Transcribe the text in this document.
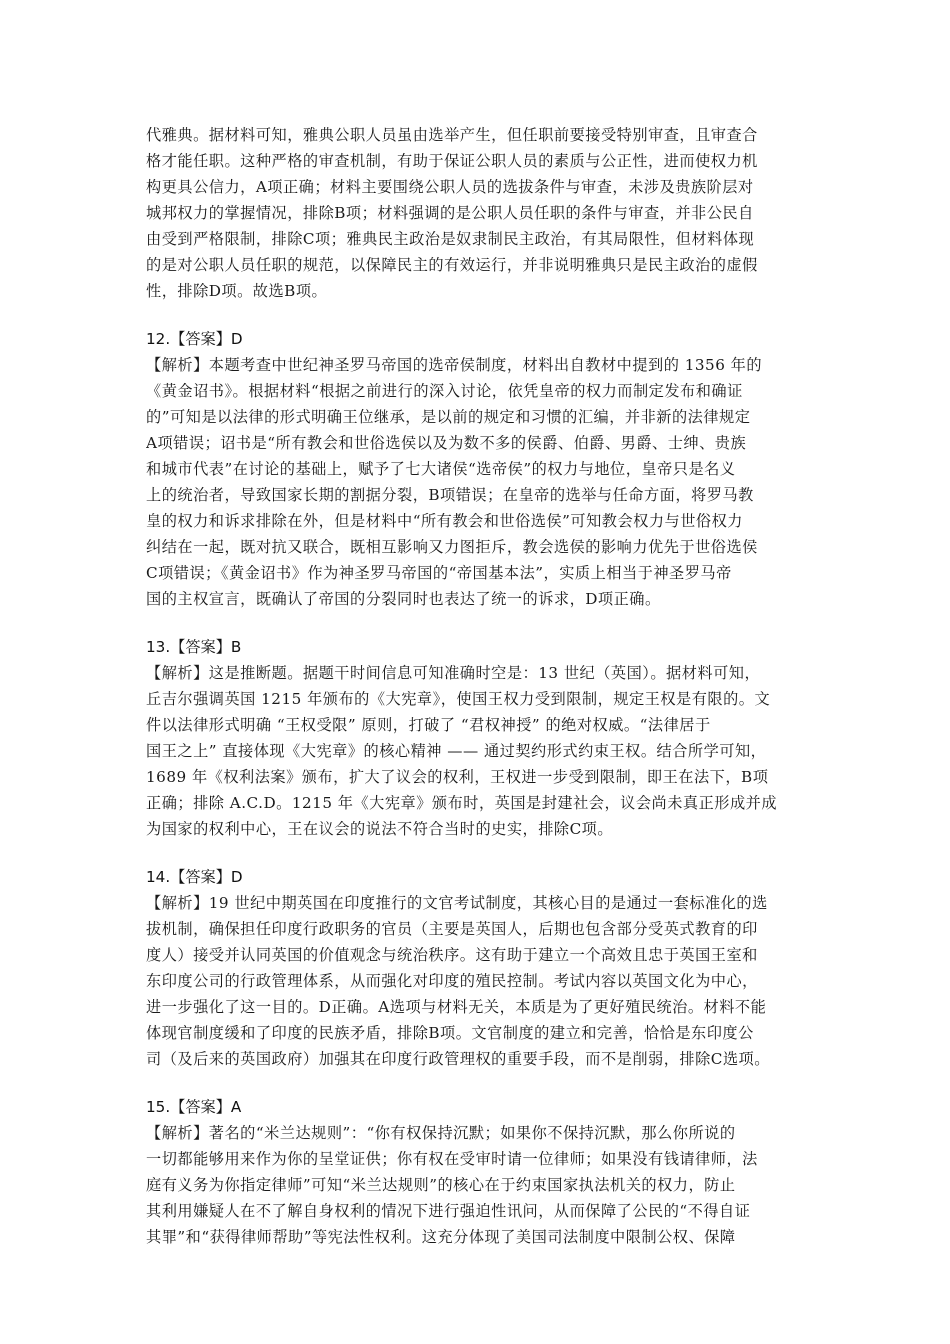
代雅典。据材料可知，雅典公职人员虽由选举产生，但任职前要接受特别审查，且审查合
格才能任职。这种严格的审查机制，有助于保证公职人员的素质与公正性，进而使权力机
构更具公信力，A项正确；材料主要围绕公职人员的选拔条件与审查，未涉及贵族阶层对
城邦权力的掌握情况，排除B项；材料强调的是公职人员任职的条件与审查，并非公民自
由受到严格限制，排除C项；雅典民主政治是奴隶制民主政治，有其局限性，但材料体现
的是对公职人员任职的规范，以保障民主的有效运行，并非说明雅典只是民主政治的虚假
性，排除D项。故选B项。
12.【答案】D
【解析】本题考查中世纪神圣罗马帝国的选帝侯制度，材料出自教材中提到的 1356 年的
《黄金诏书》。根据材料“根据之前进行的深入讨论，依凭皇帝的权力而制定发布和确证
的”可知是以法律的形式明确王位继承，是以前的规定和习惯的汇编，并非新的法律规定
A项错误；诏书是“所有教会和世俗选侯以及为数不多的侯爵、伯爵、男爵、士绅、贵族
和城市代表”在讨论的基础上，赋予了七大诸侯“选帝侯”的权力与地位，皇帝只是名义
上的统治者，导致国家长期的割据分裂，B项错误；在皇帝的选举与任命方面，将罗马教
皇的权力和诉求排除在外，但是材料中“所有教会和世俗选侯”可知教会权力与世俗权力
纠结在一起，既对抗又联合，既相互影响又力图拒斥，教会选侯的影响力优先于世俗选侯
C项错误；《黄金诏书》作为神圣罗马帝国的“帝国基本法”，实质上相当于神圣罗马帝
国的主权宣言，既确认了帝国的分裂同时也表达了统一的诉求，D项正确。
13.【答案】B
【解析】这是推断题。据题干时间信息可知准确时空是：13 世纪（英国）。据材料可知，
丘吉尔强调英国 1215 年颁布的《大宪章》，使国王权力受到限制，规定王权是有限的。文
件以法律形式明确 “王权受限” 原则，打破了 “君权神授” 的绝对权威。“法律居于
国王之上” 直接体现《大宪章》的核心精神 —— 通过契约形式约束王权。结合所学可知，
1689 年《权利法案》颁布，扩大了议会的权利，王权进一步受到限制，即王在法下，B项
正确；排除 A.C.D。1215 年《大宪章》颁布时，英国是封建社会，议会尚未真正形成并成
为国家的权利中心，王在议会的说法不符合当时的史实，排除C项。
14.【答案】D
【解析】19 世纪中期英国在印度推行的文官考试制度，其核心目的是通过一套标准化的选
拔机制，确保担任印度行政职务的官员（主要是英国人，后期也包含部分受英式教育的印
度人）接受并认同英国的价值观念与统治秩序。这有助于建立一个高效且忠于英国王室和
东印度公司的行政管理体系，从而强化对印度的殖民控制。考试内容以英国文化为中心，
进一步强化了这一目的。D正确。A选项与材料无关，本质是为了更好殖民统治。材料不能
体现官制度缓和了印度的民族矛盾，排除B项。文官制度的建立和完善，恰恰是东印度公
司（及后来的英国政府）加强其在印度行政管理权的重要手段，而不是削弱，排除C选项。
15.【答案】A
【解析】著名的“米兰达规则”：“你有权保持沉默；如果你不保持沉默，那么你所说的
一切都能够用来作为你的呈堂证供；你有权在受审时请一位律师；如果没有钱请律师，法
庭有义务为你指定律师”可知“米兰达规则”的核心在于约束国家执法机关的权力，防止
其利用嫌疑人在不了解自身权利的情况下进行强迫性讯问，从而保障了公民的“不得自证
其罪”和“获得律师帮助”等宪法性权利。这充分体现了美国司法制度中限制公权、保障
